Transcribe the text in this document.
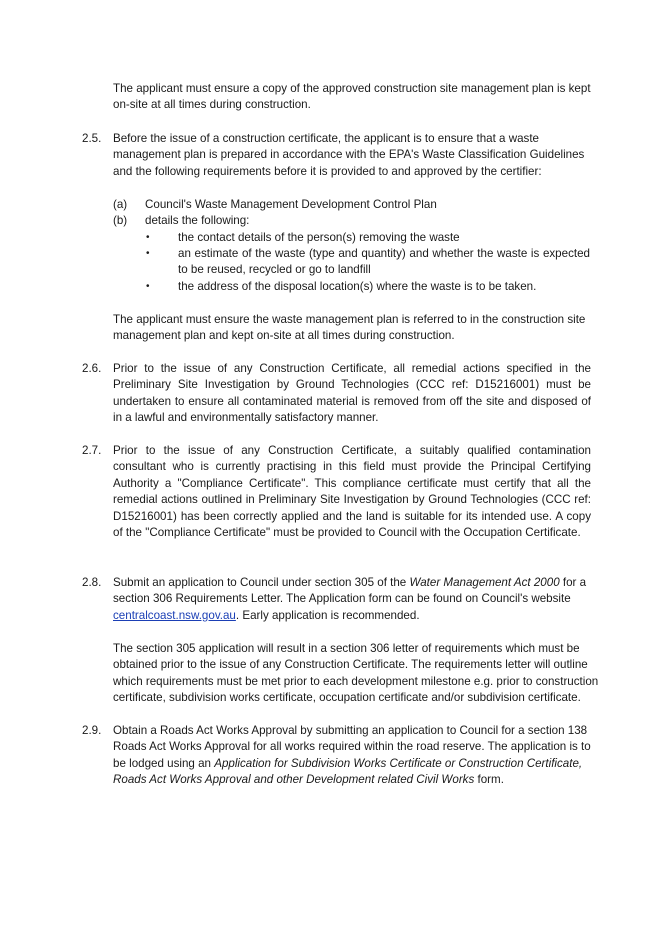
The applicant must ensure a copy of the approved construction site management plan is kept on-site at all times during construction.

2.5.	Before the issue of a construction certificate, the applicant is to ensure that a waste management plan is prepared in accordance with the EPA's Waste Classification Guidelines and the following requirements before it is provided to and approved by the certifier:

(a)	Council's Waste Management Development Control Plan
(b)	details the following:
•	the contact details of the person(s) removing the waste
•	an estimate of the waste (type and quantity) and whether the waste is expected to be reused, recycled or go to landfill
•	the address of the disposal location(s) where the waste is to be taken.

The applicant must ensure the waste management plan is referred to in the construction site management plan and kept on-site at all times during construction.

2.6.	Prior to the issue of any Construction Certificate, all remedial actions specified in the Preliminary Site Investigation by Ground Technologies (CCC ref: D15216001) must be undertaken to ensure all contaminated material is removed from off the site and disposed of in a lawful and environmentally satisfactory manner.

2.7.	Prior to the issue of any Construction Certificate, a suitably qualified contamination consultant who is currently practising in this field must provide the Principal Certifying Authority a "Compliance Certificate". This compliance certificate must certify that all the remedial actions outlined in Preliminary Site Investigation by Ground Technologies (CCC ref: D15216001) has been correctly applied and the land is suitable for its intended use. A copy of the "Compliance Certificate" must be provided to Council with the Occupation Certificate.

2.8.	Submit an application to Council under section 305 of the Water Management Act 2000 for a section 306 Requirements Letter. The Application form can be found on Council's website centralcoast.nsw.gov.au. Early application is recommended.

The section 305 application will result in a section 306 letter of requirements which must be obtained prior to the issue of any Construction Certificate. The requirements letter will outline which requirements must be met prior to each development milestone e.g. prior to construction certificate, subdivision works certificate, occupation certificate and/or subdivision certificate.

2.9.	Obtain a Roads Act Works Approval by submitting an application to Council for a section 138 Roads Act Works Approval for all works required within the road reserve. The application is to be lodged using an Application for Subdivision Works Certificate or Construction Certificate, Roads Act Works Approval and other Development related Civil Works form.
